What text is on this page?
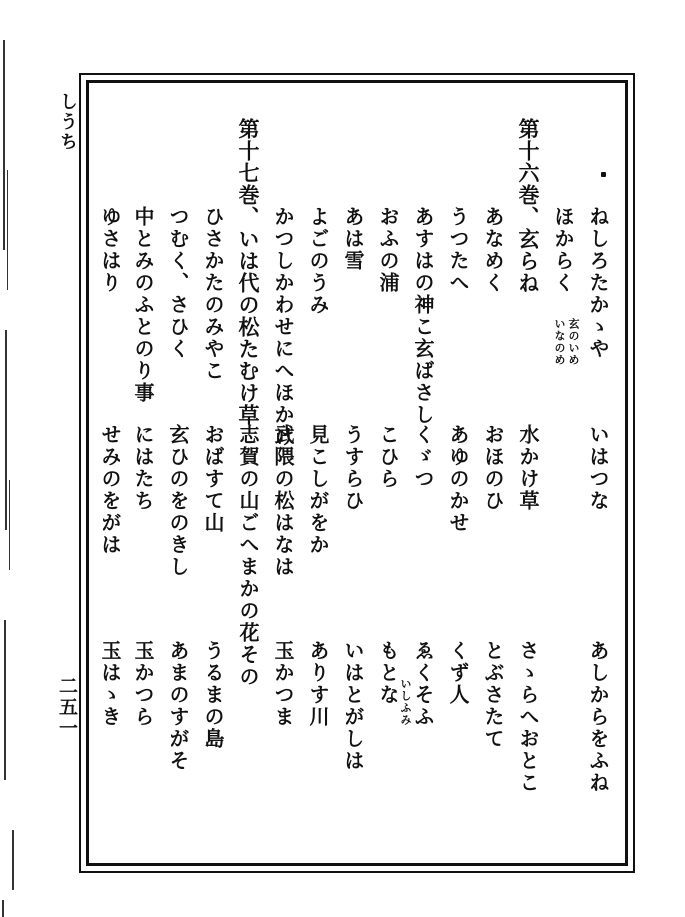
しうち	第十六巻、玄らね ねしろたかゝや
いはつな
あしからをふね
ほからく
玄のいめ
いなのめ
あなめく
水かけ草
さゝらへおとこ
うつたへ
おほのひ
とぶさたて
あすはの神こ玄ばさし
あゆのかせ
くず人
おふの浦
くゞつ
ゑくそふ
いしふみ
あは雪
こひら
もとな
第十七巻、いは代の松たむけ草 よごのうみ
うすらひ
いはとがしは
かつしかわせにへほかけ
見こしがをか
ありす川
武隈の松はなは
玉かつま
志賀の山ごへまかの花その
ひさかたのみやこ
おばすて山
うるまの島
つむく、さひく
玄ひのをのきし
あまのすがそ
中とみのふとのり事
にはたち
玉かつら
ゆさはり
せみのをがは
玉はゝき
二五一
